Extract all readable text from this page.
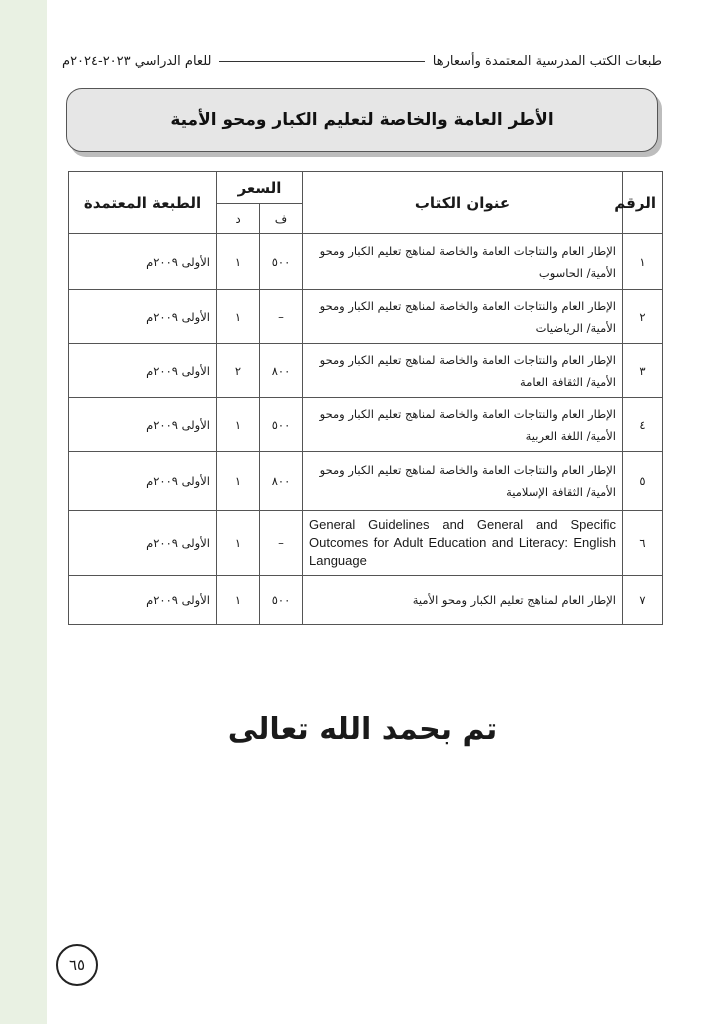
طبعات الكتب المدرسية المعتمدة وأسعارها
للعام الدراسي ٢٠٢٣-٢٠٢٤م
الأطر العامة والخاصة لتعليم الكبار ومحو الأمية
الرقم	عنوان الكتاب	السعر		الطبعة المعتمدة
		ف	د	
١	الإطار العام والنتاجات العامة والخاصة لمناهج تعليم الكبار ومحو الأمية/ الحاسوب	٥٠٠	١	الأولى ٢٠٠٩م
٢	الإطار العام والنتاجات العامة والخاصة لمناهج تعليم الكبار ومحو الأمية/ الرياضيات	–	١	الأولى ٢٠٠٩م
٣	الإطار العام والنتاجات العامة والخاصة لمناهج تعليم الكبار ومحو الأمية/ الثقافة العامة	٨٠٠	٢	الأولى ٢٠٠٩م
٤	الإطار العام والنتاجات العامة والخاصة لمناهج تعليم الكبار ومحو الأمية/ اللغة العربية	٥٠٠	١	الأولى ٢٠٠٩م
٥	الإطار العام والنتاجات العامة والخاصة لمناهج تعليم الكبار ومحو الأمية/ الثقافة الإسلامية	٨٠٠	١	الأولى ٢٠٠٩م
٦	General Guidelines and General and Specific Outcomes for Adult Education and Literacy: English Language	–	١	الأولى ٢٠٠٩م
٧	الإطار العام لمناهج تعليم الكبار ومحو الأمية	٥٠٠	١	الأولى ٢٠٠٩م
تم بحمد الله تعالى
٦٥
